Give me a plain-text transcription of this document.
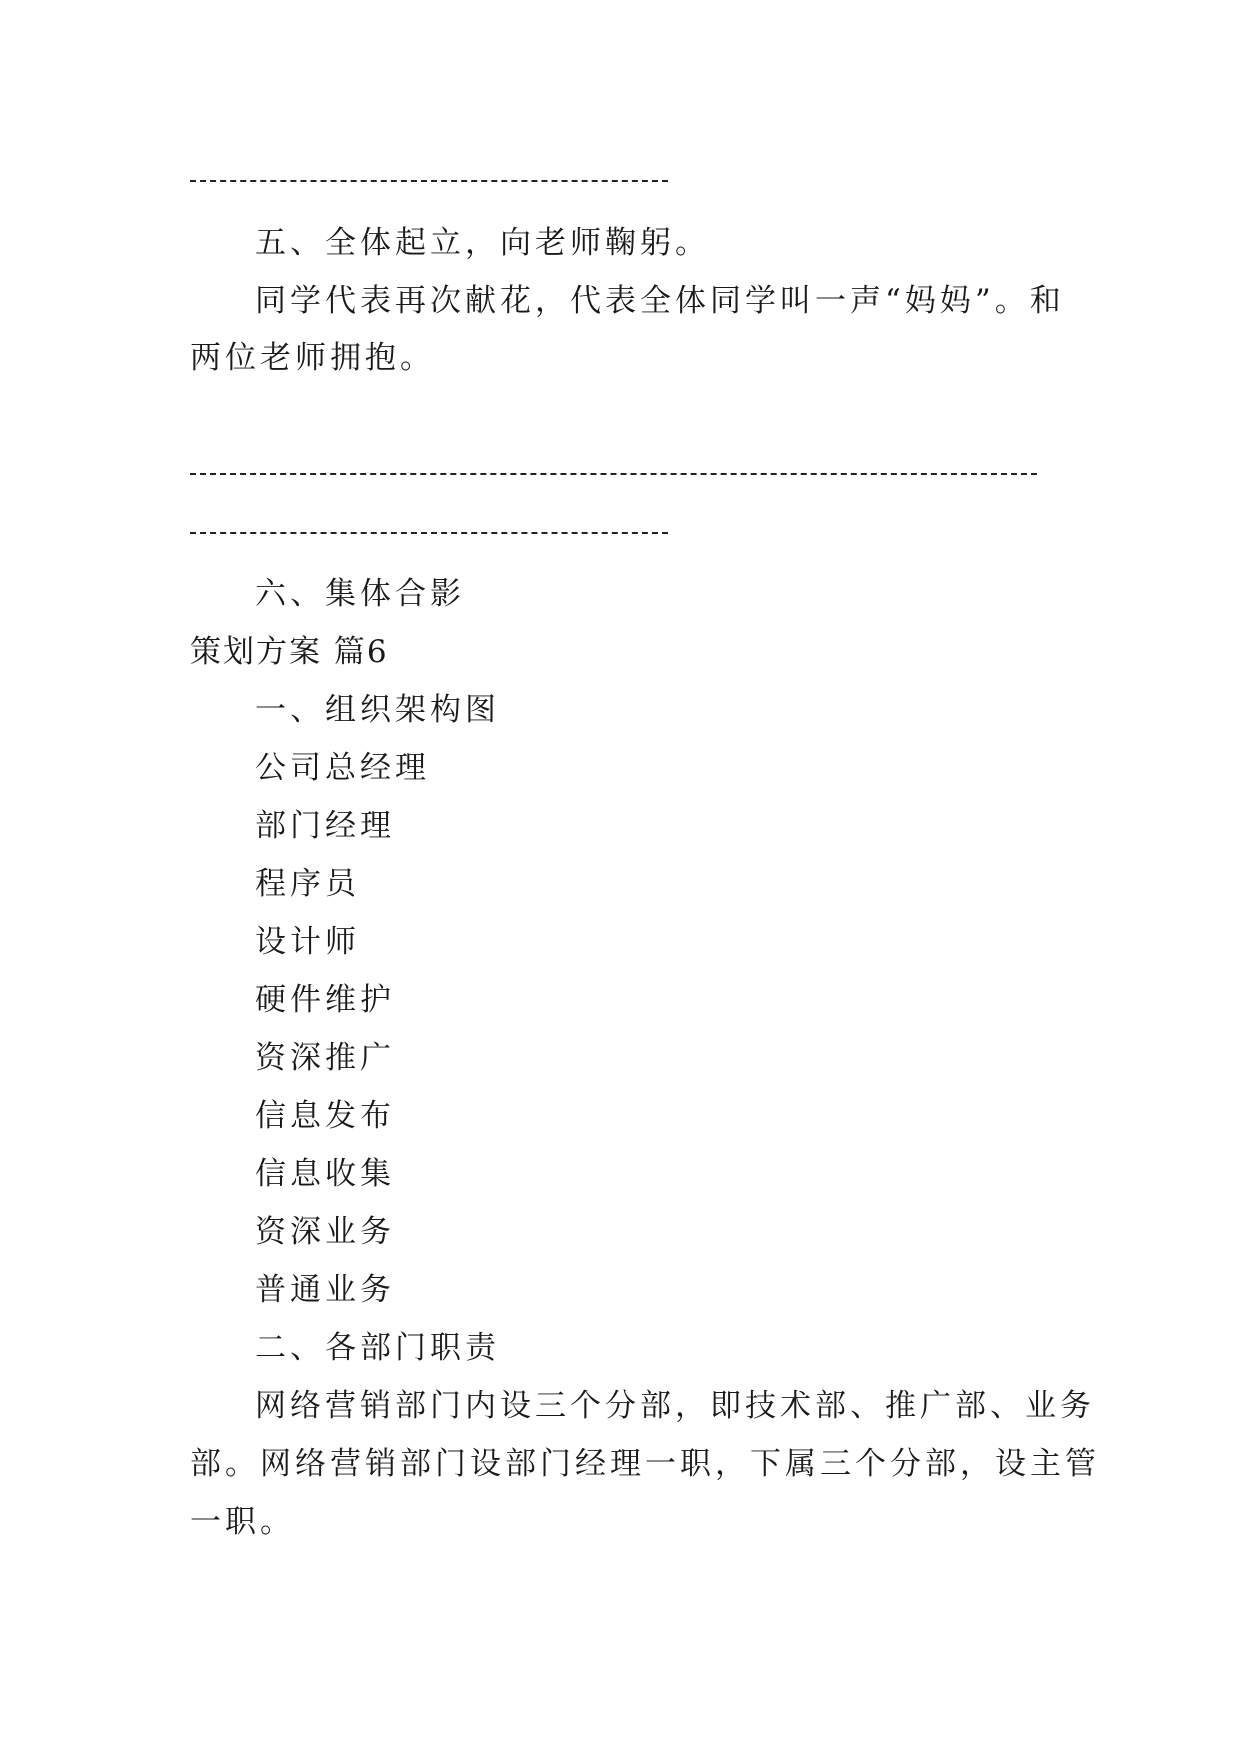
五、全体起立，向老师鞠躬。
同学代表再次献花，代表全体同学叫一声“妈妈”。和
两位老师拥抱。
六、集体合影
策划方案 篇6
一、组织架构图
公司总经理
部门经理
程序员
设计师
硬件维护
资深推广
信息发布
信息收集
资深业务
普通业务
二、各部门职责
网络营销部门内设三个分部，即技术部、推广部、业务
部。网络营销部门设部门经理一职，下属三个分部，设主管
一职。
